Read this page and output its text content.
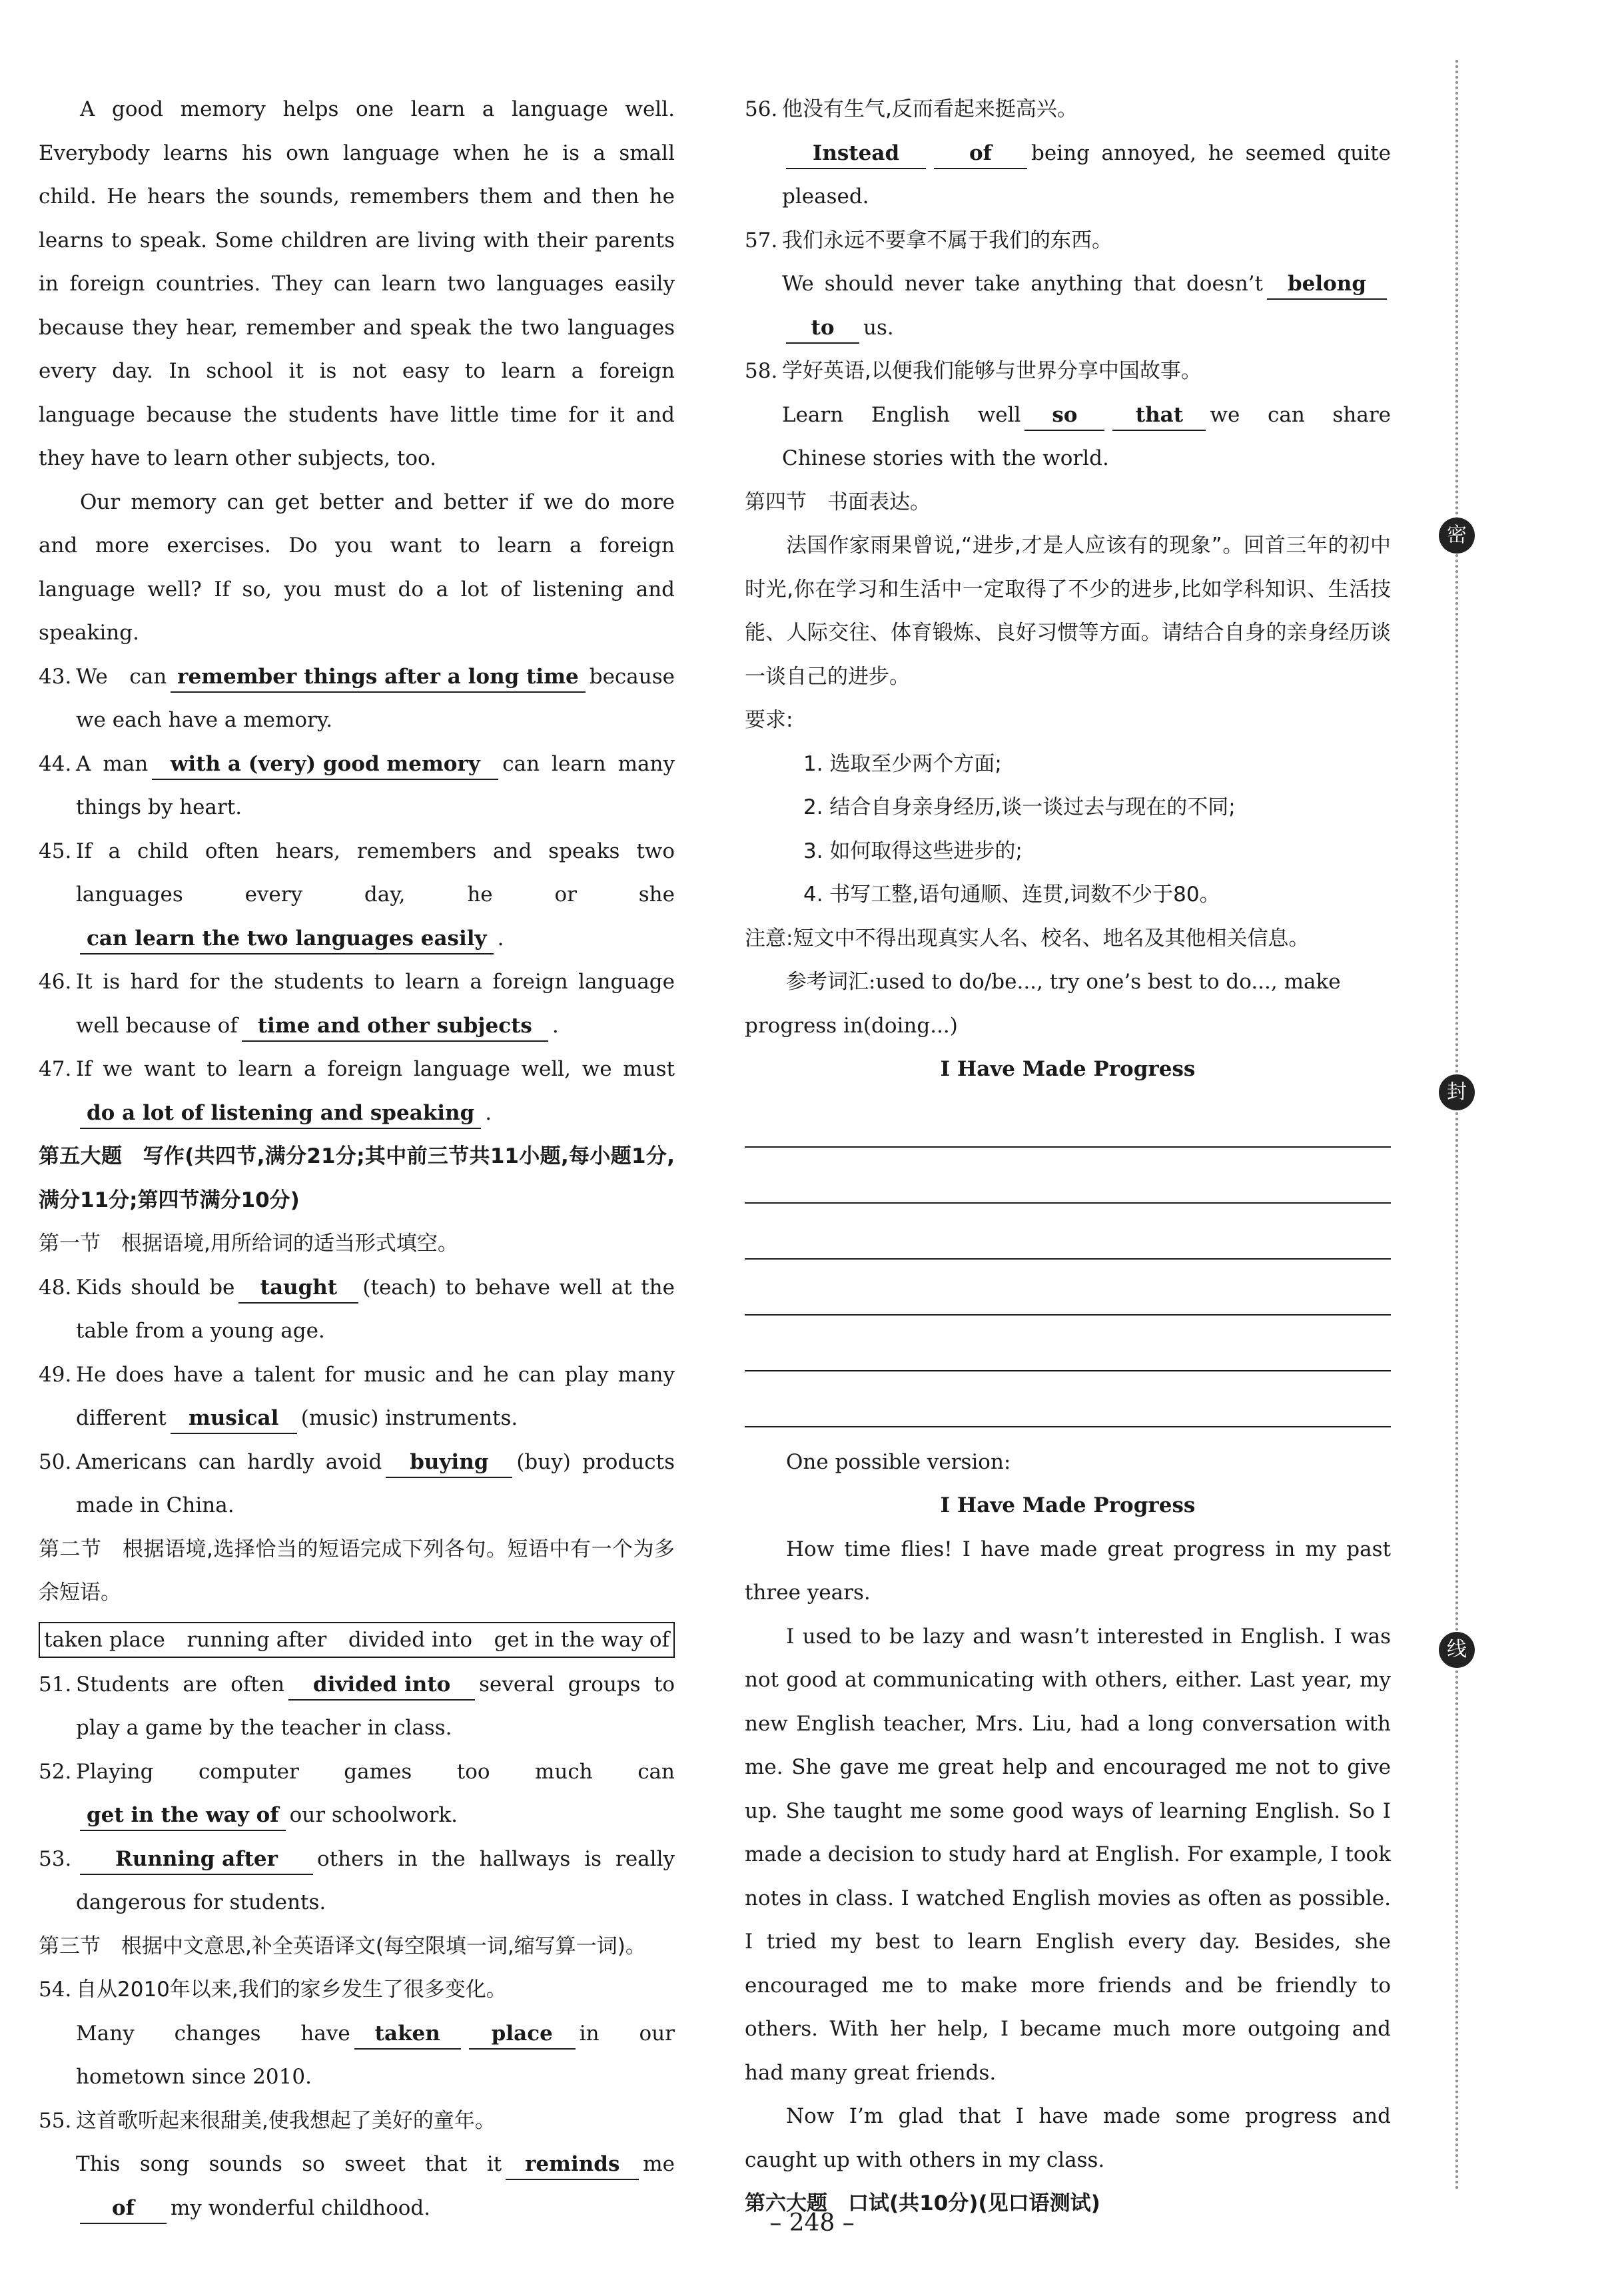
A good memory helps one learn a language well. Everybody learns his own language when he is a small child. He hears the sounds, remembers them and then he learns to speak. Some children are living with their parents in foreign countries. They can learn two languages easily because they hear, remember and speak the two languages every day. In school it is not easy to learn a foreign language because the students have little time for it and they have to learn other subjects, too.

Our memory can get better and better if we do more and more exercises. Do you want to learn a foreign language well? If so, you must do a lot of listening and speaking.

43. We can remember things after a long time because we each have a memory.
44. A man with a (very) good memory can learn many things by heart.
45. If a child often hears, remembers and speaks two languages every day, he or shecan learn the two languages easily .
46. It is hard for the students to learn a foreign language well because of time and other subjects .
47. If we want to learn a foreign language well, we mustdo a lot of listening and speaking .

第五大题　写作(共四节,满分21分;其中前三节共11小题,每小题1分,满分11分;第四节满分10分)

第一节　根据语境,用所给词的适当形式填空。

48. Kids should be taught (teach) to behave well at the table from a young age.
49. He does have a talent for music and he can play many different musical (music) instruments.
50. Americans can hardly avoid buying (buy) products made in China.

第二节　根据语境,选择恰当的短语完成下列各句。短语中有一个为多余短语。

taken place running after divided into get in the way of
51. Students are often divided into several groups to play a game by the teacher in class.
52. Playing computer games too much canget in the way of our schoolwork.
53.	Running after others in the hallways is really dangerous for students.

第三节　根据中文意思,补全英语译文(每空限填一词,缩写算一词)。

54. 自从2010年以来,我们的家乡发生了很多变化。

Many changes have taken place in our hometown since 2010.

55. 这首歌听起来很甜美,使我想起了美好的童年。

This song sounds so sweet that it reminds meof my wonderful childhood.

56. 他没有生气,反而看起来挺高兴。

Instead	of being annoyed, he seemed quite pleased.

57. 我们永远不要拿不属于我们的东西。

We should never take anything that doesn’t belongto us.

58. 学好英语,以便我们能够与世界分享中国故事。

Learn English well so	that we can share Chinese stories with the world.

第四节　书面表达。

法国作家雨果曾说,“进步,才是人应该有的现象”。回首三年的初中时光,你在学习和生活中一定取得了不少的进步,比如学科知识、生活技能、人际交往、体育锻炼、良好习惯等方面。请结合自身的亲身经历谈一谈自己的进步。

要求:

1. 选取至少两个方面;

2. 结合自身亲身经历,谈一谈过去与现在的不同;

3. 如何取得这些进步的;

4. 书写工整,语句通顺、连贯,词数不少于80。

注意:短文中不得出现真实人名、校名、地名及其他相关信息。

参考词汇:used to do/be..., try one’s best to do..., make progress in(doing...)

I Have Made Progress

One possible version:

I Have Made Progress

How time flies! I have made great progress in my past three years.

I used to be lazy and wasn’t interested in English. I was not good at communicating with others, either. Last year, my new English teacher, Mrs. Liu, had a long conversation with me. She gave me great help and encouraged me not to give up. She taught me some good ways of learning English. So I made a decision to study hard at English. For example, I took notes in class. I watched English movies as often as possible. I tried my best to learn English every day. Besides, she encouraged me to make more friends and be friendly to others. With her help, I became much more outgoing and had many great friends.

Now I’m glad that I have made some progress and caught up with others in my class.

第六大题　口试(共10分)(见口语测试)

密
封
线
– 248 –
